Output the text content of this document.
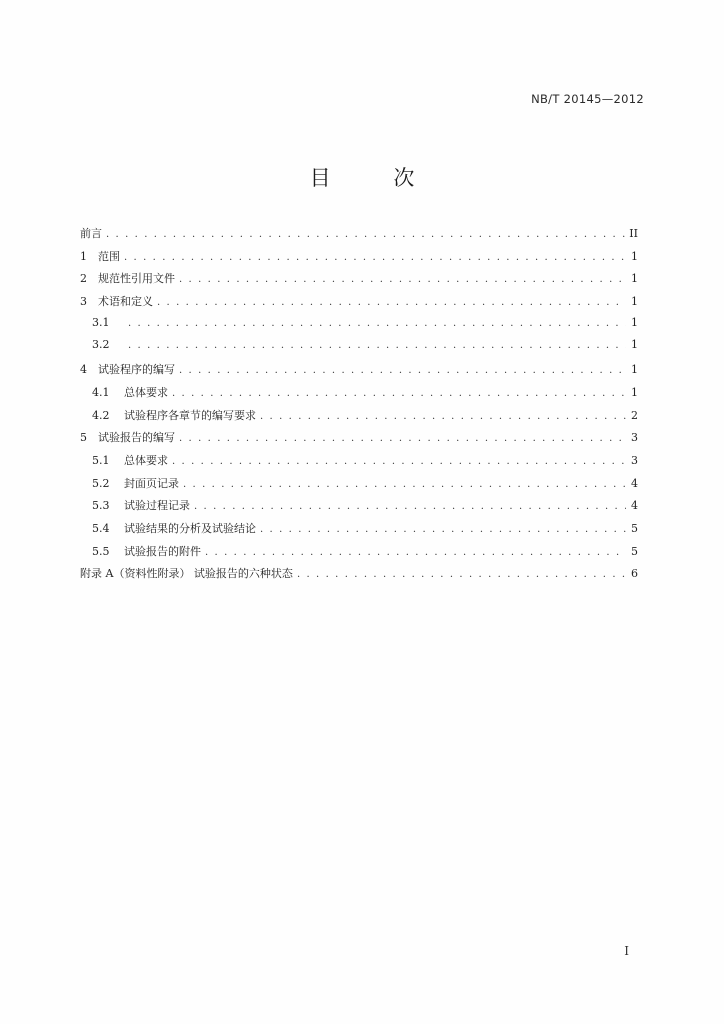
NB/T 20145—2012
目 次
前言 . . .	II
1	范围 . . .	1
2	规范性引用文件 . . .	1
3	术语和定义 . . .	1
3.1 . . .	1
3.2 . . .	1
4	试验程序的编写 . . .	1
4.1	总体要求 . . .	1
4.2	试验程序各章节的编写要求 . . .	2
5	试验报告的编写 . . .	3
5.1	总体要求 . . .	3
5.2	封面页记录 . . .	4
5.3	试验过程记录 . . .	4
5.4	试验结果的分析及试验结论 . . .	5
5.5	试验报告的附件 . . .	5
附录 A（资料性附录） 试验报告的六种状态 . . .	6
I
